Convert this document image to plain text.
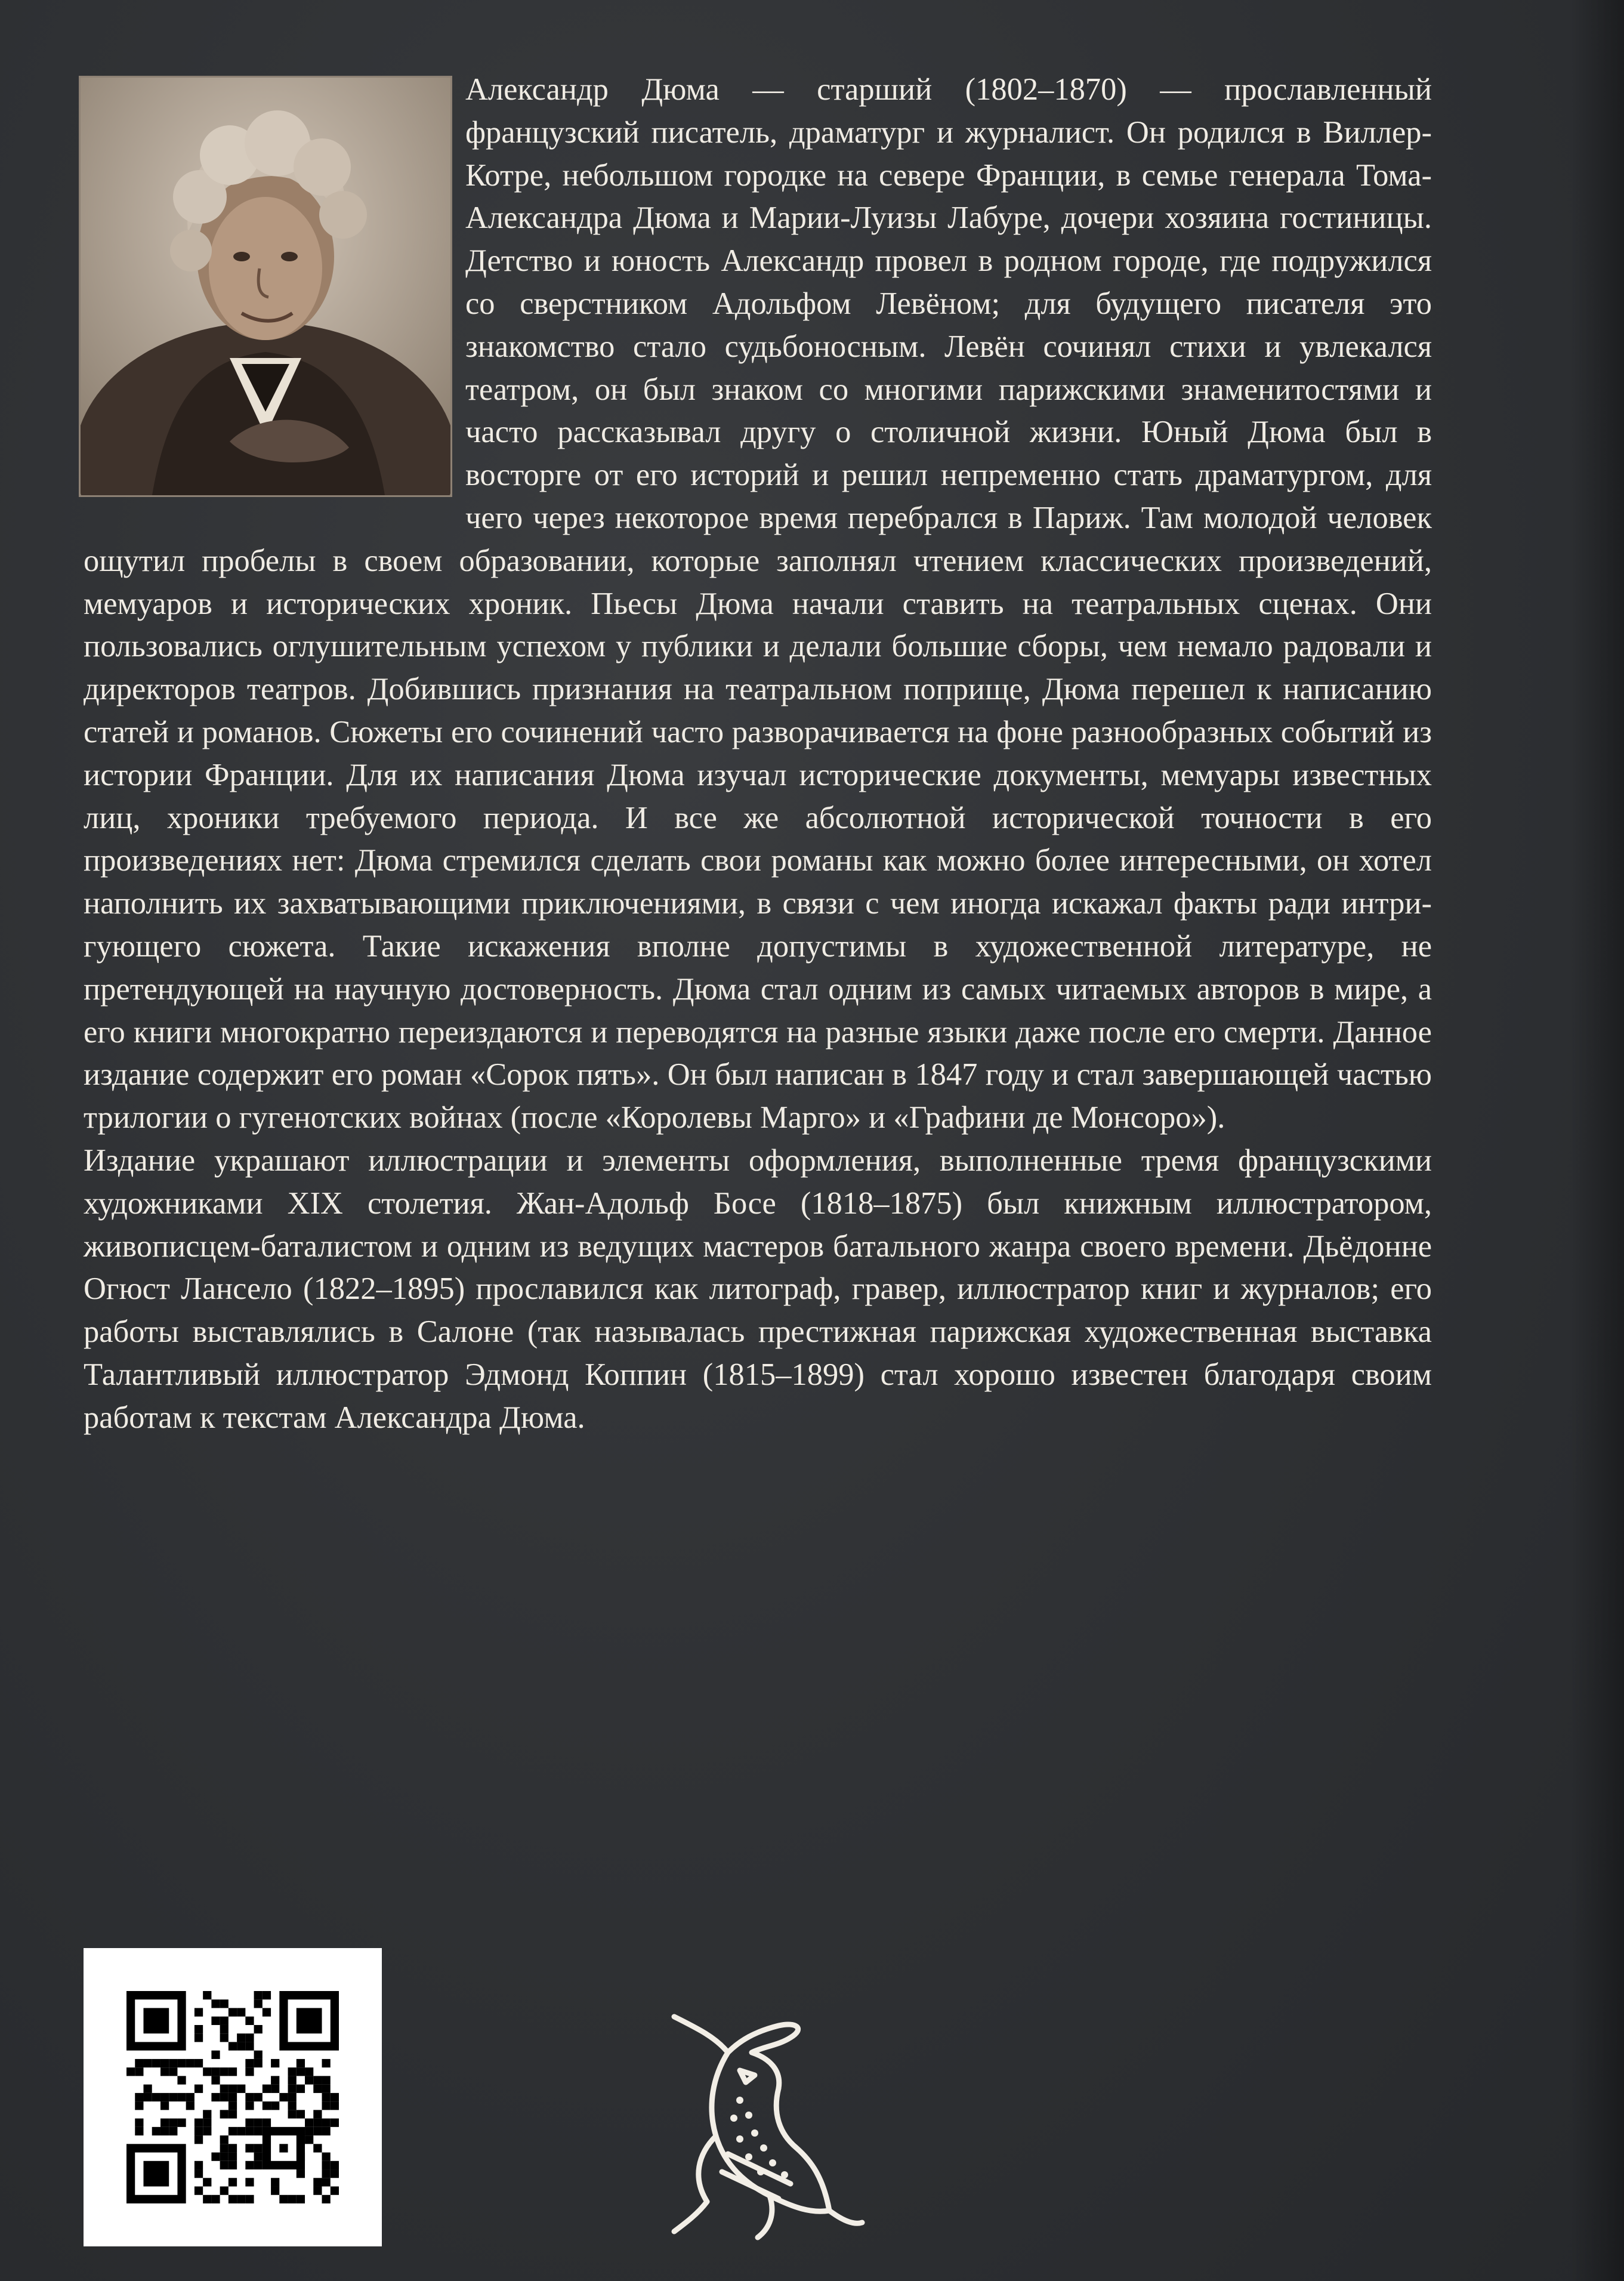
Александр Дюма — старший (1802–1870) — прославленный французский писатель, драматург и журналист. Он родился в Виллер-Котре, небольшом городке на севере Франции, в семье генерала Тома-Александра Дюма и Марии-Луизы Лабуре, дочери хозяина гостиницы. Детство и юность Александр провел в родном городе, где подружился со сверстником Адольфом Левёном; для будущего писателя это знакомство стало судьбоносным. Левён сочинял стихи и увлекался театром, он был знаком со многими парижскими знаменитостями и часто рассказывал другу о столичной жизни. Юный Дюма был в восторге от его историй и решил непременно стать драматургом, для чего через некоторое время перебрался в Париж. Там молодой человек ощутил пробелы в своем образовании, которые заполнял чтением классических произведений, мемуаров и исторических хроник. Пьесы Дюма начали ставить на театральных сценах. Они пользовались оглушительным успехом у публики и делали большие сборы, чем немало радовали и директоров театров. Добившись признания на театральном поприще, Дюма перешел к написанию статей и романов. Сюжеты его сочинений часто разворачивается на фоне разнообразных событий из истории Франции. Для их написания Дюма изучал исторические документы, мемуары известных лиц, хроники требуемого периода. И все же абсолютной исторической точности в его произведениях нет: Дюма стремился сделать свои романы как можно более интересными, он хотел наполнить их захватывающими приключениями, в связи с чем иногда искажал факты ради интригующего сюжета. Такие искажения вполне допустимы в художественной литературе, не претендующей на научную достоверность. Дюма стал одним из самых читаемых авторов в мире, а его книги многократно переиздаются и переводятся на разные языки даже после его смерти. Данное издание содержит его роман «Сорок пять». Он был написан в 1847 году и стал завершающей частью трилогии о гугенотских войнах (после «Королевы Марго» и «Графини де Монсоро»).

Издание украшают иллюстрации и элементы оформления, выполненные тремя французскими художниками XIX столетия. Жан-Адольф Босе (1818–1875) был книжным иллюстратором, живописцем-баталистом и одним из ведущих мастеров батального жанра своего времени. Дьёдонне Огюст Ланселo (1822–1895) прославился как литограф, гравер, иллюстратор книг и журналов; его работы выставлялись в Салоне (так называлась престижная парижская художественная выставка Талантливый иллюстратор Эдмонд Коппин (1815–1899) стал хорошо известен благодаря своим работам к текстам Александра Дюма.
